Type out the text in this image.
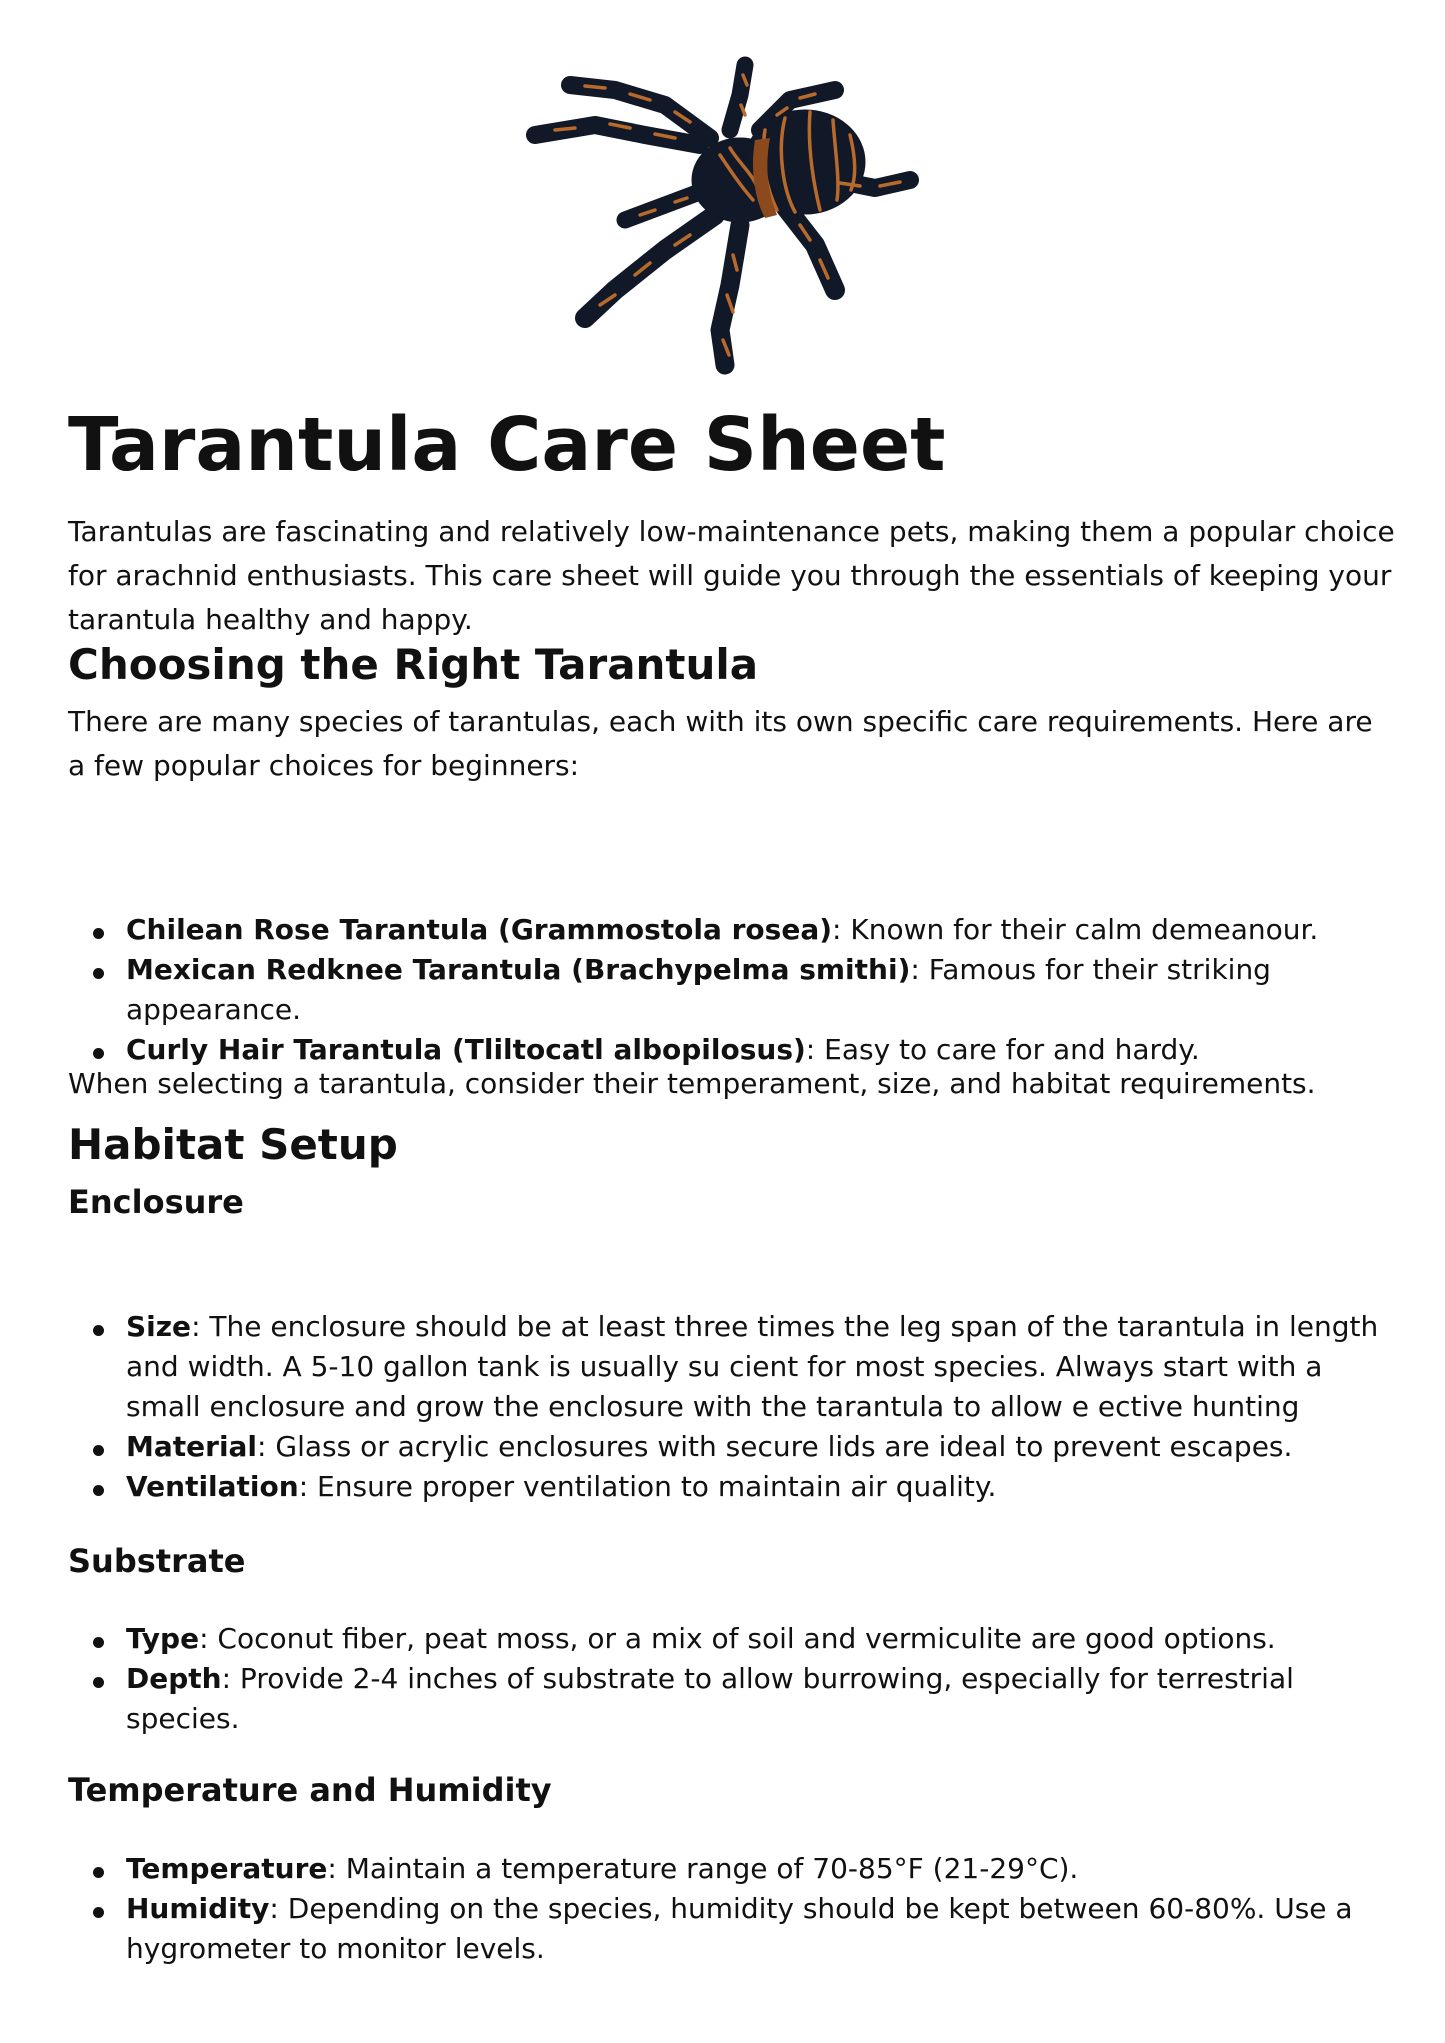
Tarantula Care Sheet

Tarantulas are fascinating and relatively low-maintenance pets, making them a popular choice for arachnid enthusiasts. This care sheet will guide you through the essentials of keeping your tarantula healthy and happy.

Choosing the Right Tarantula

There are many species of tarantulas, each with its own specific care requirements. Here are a few popular choices for beginners:

Chilean Rose Tarantula (Grammostola rosea): Known for their calm demeanour.
Mexican Redknee Tarantula (Brachypelma smithi): Famous for their striking appearance.
Curly Hair Tarantula (Tliltocatl albopilosus): Easy to care for and hardy.

When selecting a tarantula, consider their temperament, size, and habitat requirements.

Habitat Setup
Enclosure
Size: The enclosure should be at least three times the leg span of the tarantula in length and width. A 5-10 gallon tank is usually su cient for most species. Always start with a small enclosure and grow the enclosure with the tarantula to allow e ective hunting
Material: Glass or acrylic enclosures with secure lids are ideal to prevent escapes.
Ventilation: Ensure proper ventilation to maintain air quality.
Substrate
Type: Coconut fiber, peat moss, or a mix of soil and vermiculite are good options.
Depth: Provide 2-4 inches of substrate to allow burrowing, especially for terrestrial species.
Temperature and Humidity
Temperature: Maintain a temperature range of 70-85°F (21-29°C).
Humidity: Depending on the species, humidity should be kept between 60-80%. Use a hygrometer to monitor levels.
